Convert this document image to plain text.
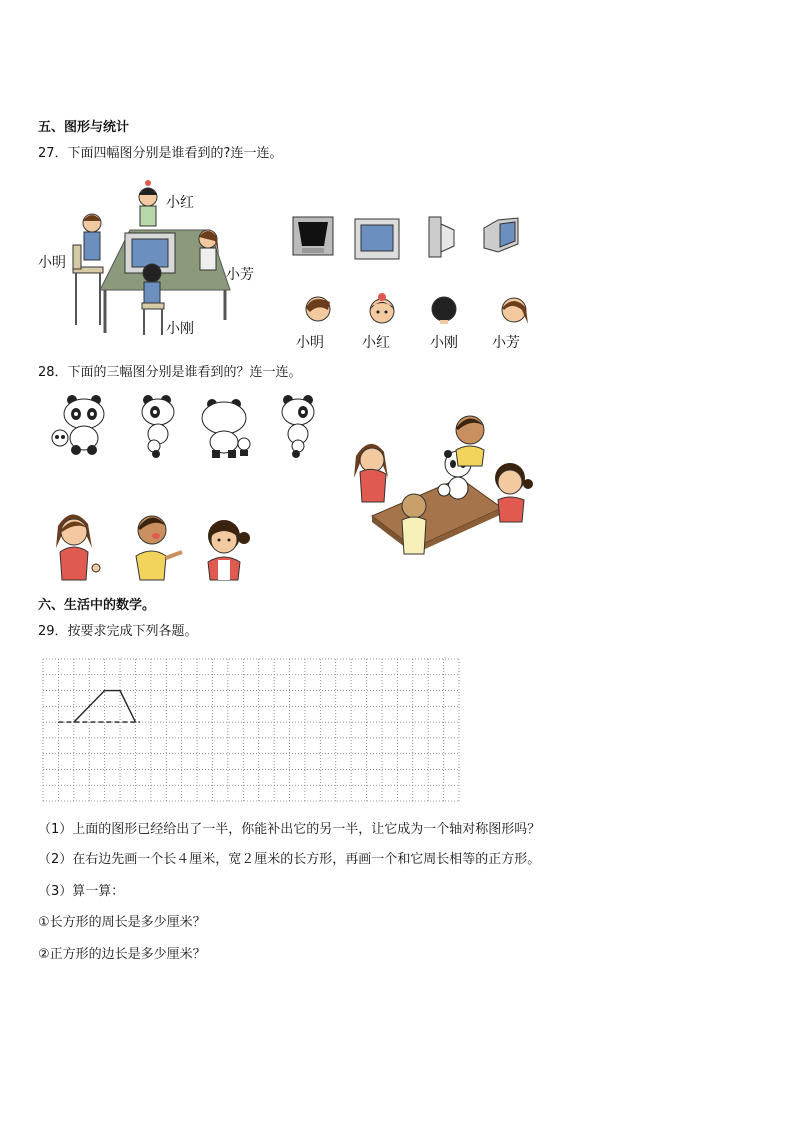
五、图形与统计
27．下面四幅图分别是谁看到的?连一连。
小红
小明
小芳
小刚
小明	小红	小刚 小芳
28．下面的三幅图分别是谁看到的？连一连。
六、生活中的数学。
29．按要求完成下列各题。
（1）上面的图形已经给出了一半，你能补出它的另一半，让它成为一个轴对称图形吗？
（2）在右边先画一个长４厘米，宽２厘米的长方形，再画一个和它周长相等的正方形。
（3）算一算：
①长方形的周长是多少厘米？
②正方形的边长是多少厘米？
